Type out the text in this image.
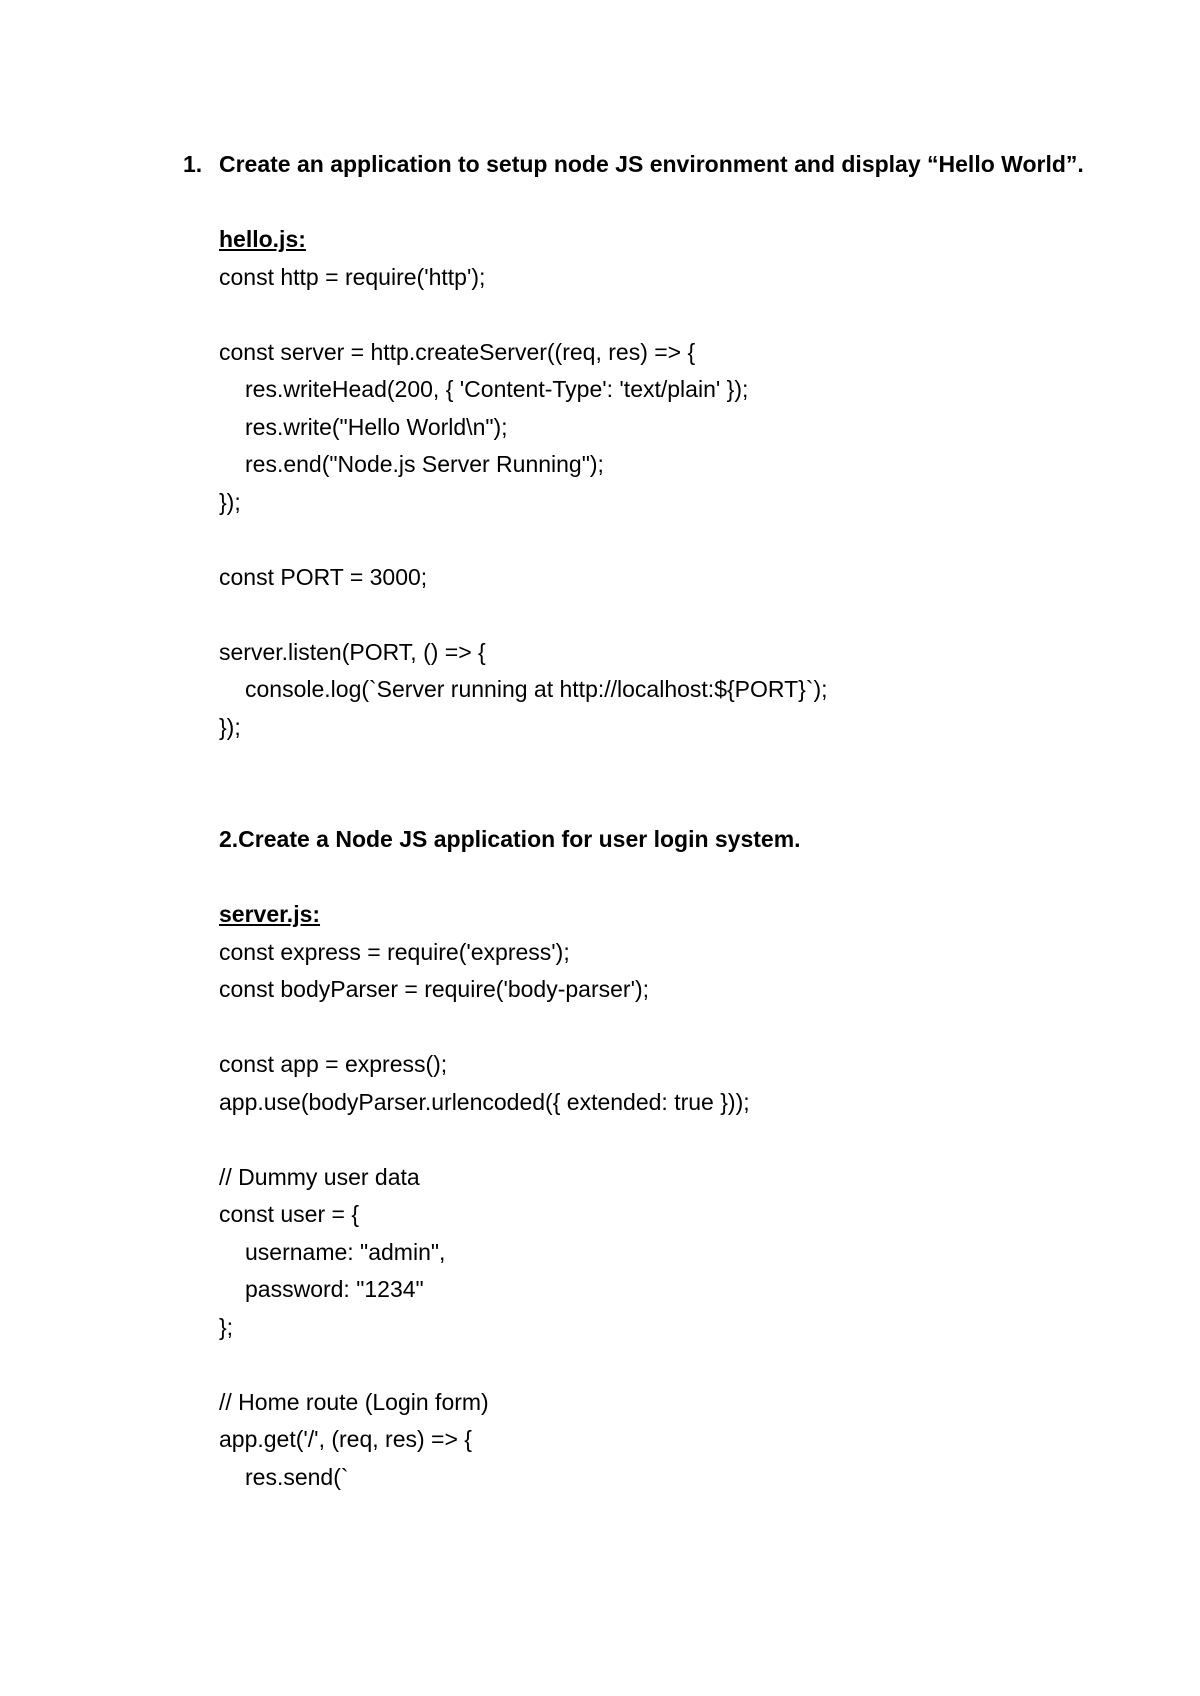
1. Create an application to setup node JS environment and display “Hello World”.
hello.js:
const http = require('http');
const server = http.createServer((req, res) => {
res.writeHead(200, { 'Content-Type': 'text/plain' });
res.write("Hello World\n");
res.end("Node.js Server Running");
});
const PORT = 3000;
server.listen(PORT, () => {
console.log(`Server running at http://localhost:${PORT}`);
});
2.Create a Node JS application for user login system.
server.js:
const express = require('express');
const bodyParser = require('body-parser');
const app = express();
app.use(bodyParser.urlencoded({ extended: true }));
// Dummy user data
const user = {
username: "admin",
password: "1234"
};
// Home route (Login form)
app.get('/', (req, res) => {
res.send(`
